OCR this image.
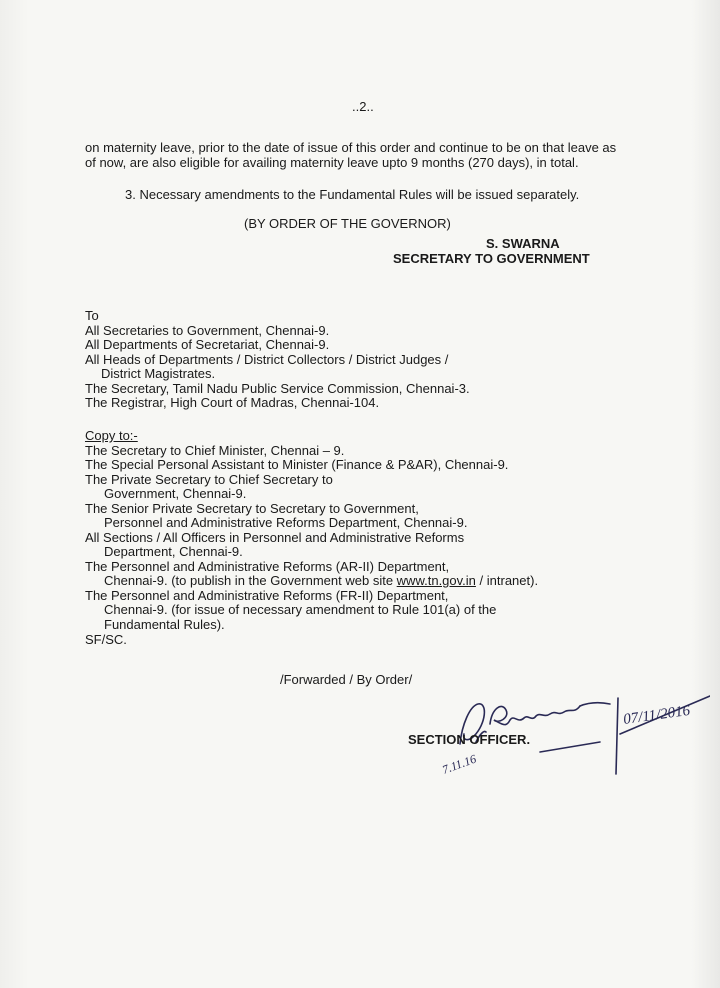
..2..
on maternity leave, prior to the date of issue of this order and continue to be on that leave as
of now, are also eligible for availing maternity leave upto 9 months (270 days), in total.
3. Necessary amendments to the Fundamental Rules will be issued separately.
(BY ORDER OF THE GOVERNOR)
S. SWARNA
SECRETARY TO GOVERNMENT
To
All Secretaries to Government, Chennai-9.
All Departments of Secretariat, Chennai-9.
All Heads of Departments / District Collectors / District Judges /
District Magistrates.
The Secretary, Tamil Nadu Public Service Commission, Chennai-3.
The Registrar, High Court of Madras, Chennai-104.
Copy to:-
The Secretary to Chief Minister, Chennai – 9.
The Special Personal Assistant to Minister (Finance & P&AR), Chennai-9.
The Private Secretary to Chief Secretary to
Government, Chennai-9.
The Senior Private Secretary to Secretary to Government,
Personnel and Administrative Reforms Department, Chennai-9.
All Sections / All Officers in Personnel and Administrative Reforms
Department, Chennai-9.
The Personnel and Administrative Reforms (AR-II) Department,
Chennai-9. (to publish in the Government web site www.tn.gov.in / intranet).
The Personnel and Administrative Reforms (FR-II) Department,
Chennai-9. (for issue of necessary amendment to Rule 101(a) of the
Fundamental Rules).
SF/SC.
/Forwarded / By Order/
07/11/2016
7.11.16
SECTION OFFICER.
